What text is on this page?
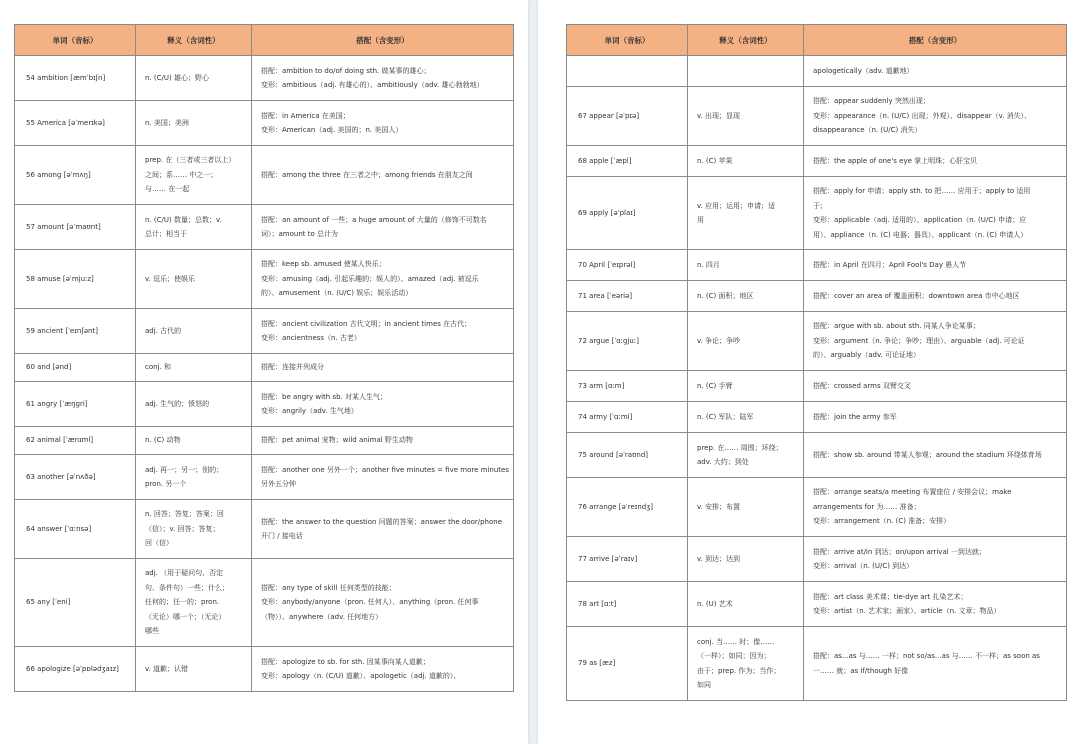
单词（音标）	释义（含词性）	搭配（含变形）
54 ambition [æmˈbɪʃn]	n. (C/U) 雄心；野心	搭配：ambition to do/of doing sth. 做某事的雄心；
变形：ambitious（adj. 有雄心的）、ambitiously（adv. 雄心勃勃地）

55 America [əˈmerɪkə]	n. 美国；美洲	搭配：in America 在美国；
变形：American（adj. 美国的；n. 美国人）

56 among [əˈmʌŋ]	prep. 在（三者或三者以上）
之间；系…… 中之一；
与…… 在一起	搭配：among the three 在三者之中；among friends 在朋友之间

57 amount [əˈmaʊnt]	n. (C/U) 数量；总数；v.
总计；相当于	搭配：an amount of 一些；a huge amount of 大量的（修饰不可数名
词）；amount to 总计为

58 amuse [əˈmjuːz]	v. 逗乐；使娱乐	搭配：keep sb. amused 使某人快乐；
变形：amusing（adj. 引起乐趣的；娱人的）、amazed（adj. 被逗乐
的）、amusement（n. (U/C) 娱乐；娱乐活动）

59 ancient [ˈeɪnʃənt]	adj. 古代的	搭配：ancient civilization 古代文明；in ancient times 在古代；
变形：ancientness（n. 古老）

60 and [ənd]	conj. 和	搭配：连接并列成分

61 angry [ˈæŋɡri]	adj. 生气的；愤怒的	搭配：be angry with sb. 对某人生气；
变形：angrily（adv. 生气地）

62 animal [ˈænɪml]	n. (C) 动物	搭配：pet animal 宠物；wild animal 野生动物

63 another [əˈnʌðə]	adj. 再一；另一；别的；
pron. 另一个	搭配：another one 另外一个；another five minutes = five more minutes
另外五分钟

64 answer [ˈɑːnsə]	n. 回答；答复；答案；回
（信）；v. 回答；答复；
回（信）	搭配：the answer to the question 问题的答案；answer the door/phone
开门 / 接电话

65 any [ˈeni]	adj. （用于疑问句、否定
句、条件句）一些；什么；
任何的；任一的；pron.
（无论）哪一个；（无论）
哪些	搭配：any type of skill 任何类型的技能；
变形：anybody/anyone（pron. 任何人）、anything（pron. 任何事
（物））、anywhere（adv. 任何地方）

66 apologize [əˈpɒlədʒaɪz]	v. 道歉；认错	搭配：apologize to sb. for sth. 因某事向某人道歉；
变形：apology（n. (C/U) 道歉）、apologetic（adj. 道歉的）、
单词（音标）	释义（含词性）	搭配（含变形）

		apologetically（adv. 道歉地）

67 appear [əˈpɪə]	v. 出现；显现	搭配：appear suddenly 突然出现；
变形：appearance（n. (U/C) 出现；外观）、disappear（v. 消失）、
disappearance（n. (U/C) 消失）

68 apple [ˈæpl]	n. (C) 苹果	搭配：the apple of one's eye 掌上明珠；心肝宝贝

69 apply [əˈplaɪ]	v. 应用；运用；申请；适
用	搭配：apply for 申请；apply sth. to 把…… 应用于；apply to 适用
于；
变形：applicable（adj. 适用的）、application（n. (U/C) 申请；应
用）、appliance（n. (C) 电器；器具）、applicant（n. (C) 申请人）

70 April [ˈeɪprəl]	n. 四月	搭配：in April 在四月；April Fool's Day 愚人节

71 area [ˈeəriə]	n. (C) 面积；地区	搭配：cover an area of 覆盖面积；downtown area 市中心地区

72 argue [ˈɑːɡjuː]	v. 争论；争吵	搭配：argue with sb. about sth. 同某人争论某事；
变形：argument（n. 争论；争吵；理由）、arguable（adj. 可论证
的）、arguably（adv. 可论证地）

73 arm [ɑːm]	n. (C) 手臂	搭配：crossed arms 双臂交叉

74 army [ˈɑːmi]	n. (C) 军队；陆军	搭配：join the army 参军

75 around [əˈraʊnd]	prep. 在…… 周围；环绕；
adv. 大约；到处	搭配：show sb. around 带某人参观；around the stadium 环绕体育场

76 arrange [əˈreɪndʒ]	v. 安排；布置	搭配：arrange seats/a meeting 布置座位 / 安排会议；make
arrangements for 为…… 准备；
变形：arrangement（n. (C) 准备；安排）

77 arrive [əˈraɪv]	v. 到达；达到	搭配：arrive at/in 到达；on/upon arrival 一到达就；
变形：arrival（n. (U/C) 到达）

78 art [ɑːt]	n. (U) 艺术	搭配：art class 美术课；tie-dye art 扎染艺术；
变形：artist（n. 艺术家；画家）、article（n. 文章；物品）

79 as [æz]	conj. 当…… 时；像……
（一样）；如同；因为；
由于；prep. 作为；当作；
如同	搭配：as...as 与…… 一样；not so/as...as 与…… 不一样；as soon as
一…… 就；as if/though 好像
